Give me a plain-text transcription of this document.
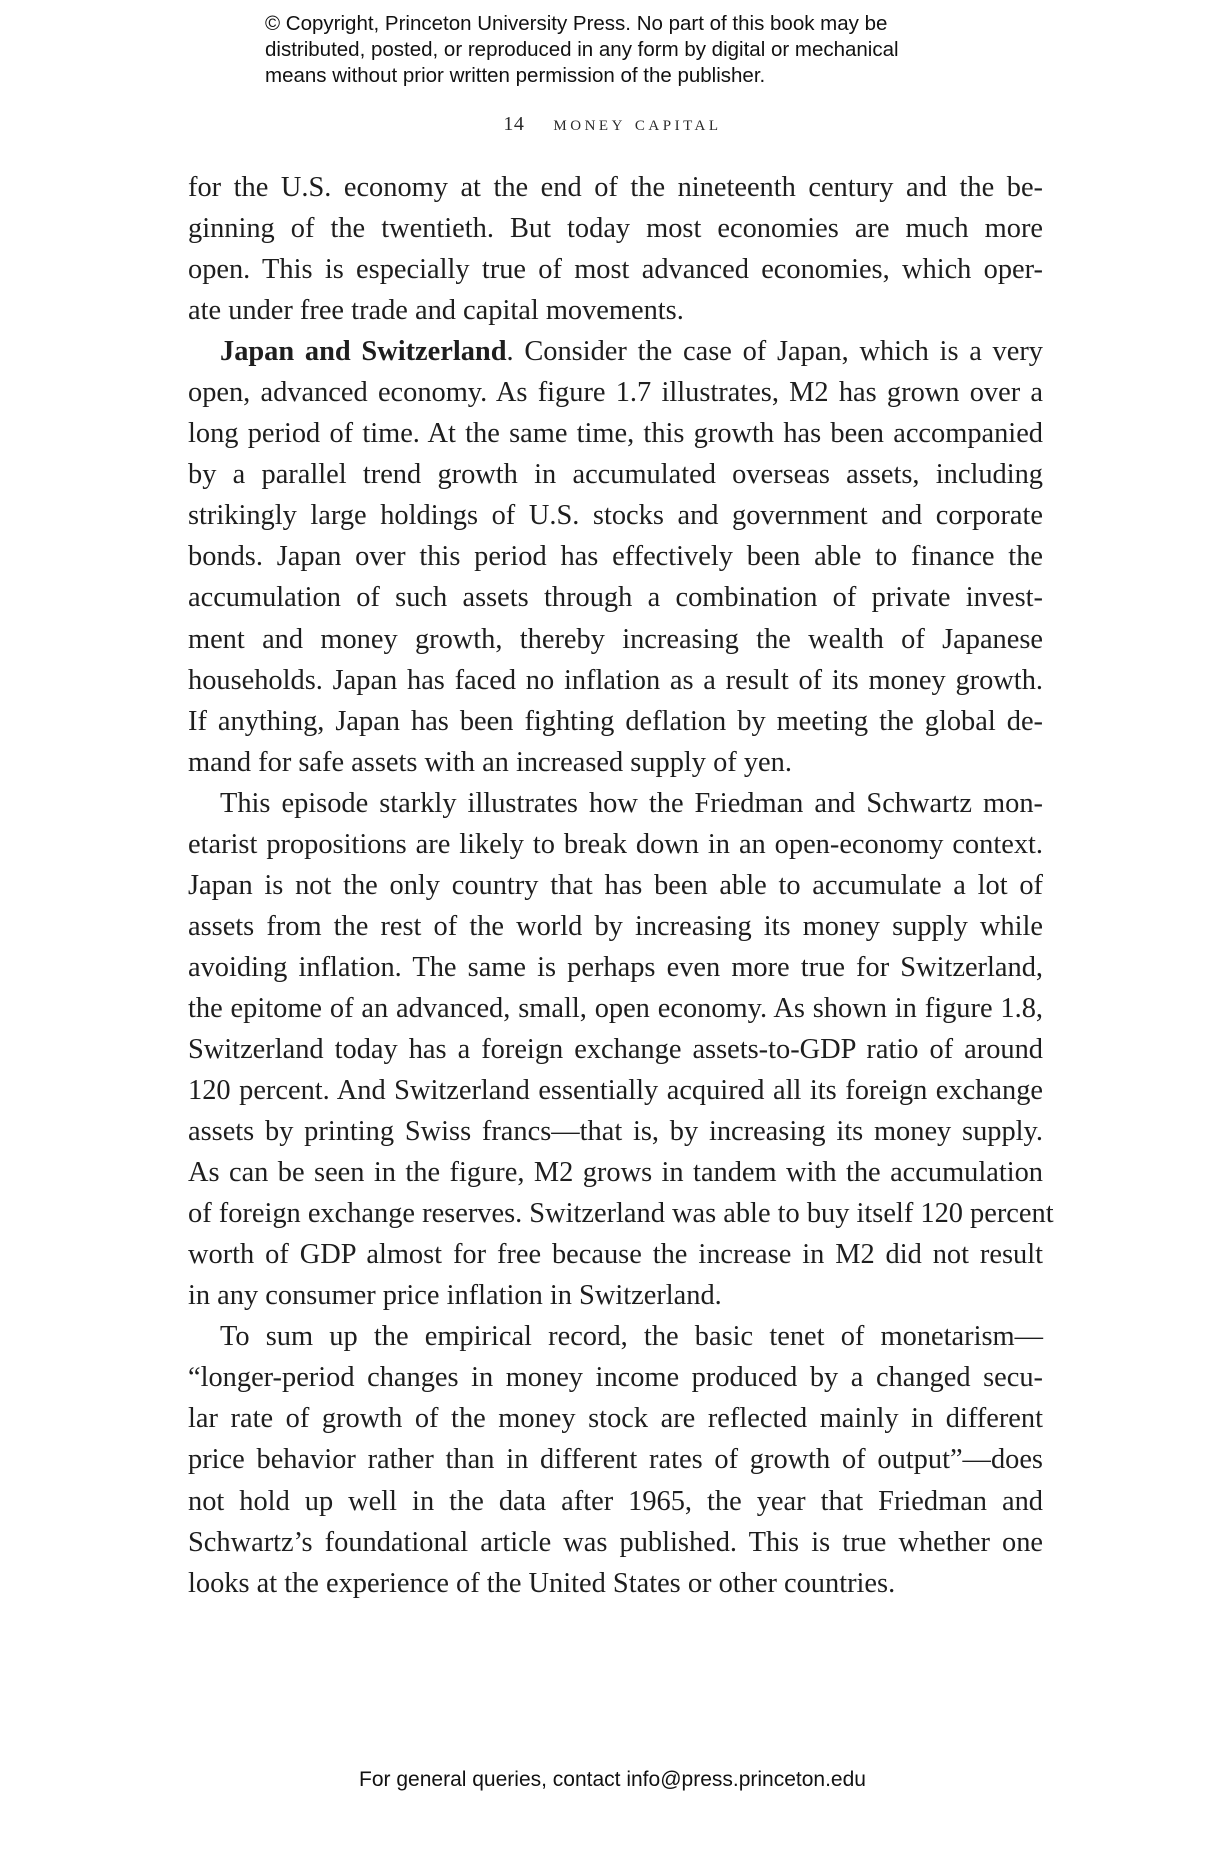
© Copyright, Princeton University Press. No part of this book may be
distributed, posted, or reproduced in any form by digital or mechanical
means without prior written permission of the publisher.
14 money capital
for the U.S. economy at the end of the nineteenth century and the be-
ginning of the twentieth. But today most economies are much more
open. This is especially true of most advanced economies, which oper-
ate under free trade and capital movements.
Japan and Switzerland. Consider the case of Japan, which is a very
open, advanced economy. As figure 1.7 illustrates, M2 has grown over a
long period of time. At the same time, this growth has been accompanied
by a parallel trend growth in accumulated overseas assets, including
strikingly large holdings of U.S. stocks and government and corporate
bonds. Japan over this period has effectively been able to finance the
accumulation of such assets through a combination of private invest-
ment and money growth, thereby increasing the wealth of Japanese
households. Japan has faced no inflation as a result of its money growth.
If anything, Japan has been fighting deflation by meeting the global de-
mand for safe assets with an increased supply of yen.
This episode starkly illustrates how the Friedman and Schwartz mon-
etarist propositions are likely to break down in an open-economy context.
Japan is not the only country that has been able to accumulate a lot of
assets from the rest of the world by increasing its money supply while
avoiding inflation. The same is perhaps even more true for Switzerland,
the epitome of an advanced, small, open economy. As shown in figure 1.8,
Switzerland today has a foreign exchange assets-to-GDP ratio of around
120 percent. And Switzerland essentially acquired all its foreign exchange
assets by printing Swiss francs—that is, by increasing its money supply.
As can be seen in the figure, M2 grows in tandem with the accumulation
of foreign exchange reserves. Switzerland was able to buy itself 120 percent
worth of GDP almost for free because the increase in M2 did not result
in any consumer price inflation in Switzerland.
To sum up the empirical record, the basic tenet of monetarism—
“longer-period changes in money income produced by a changed secu-
lar rate of growth of the money stock are reflected mainly in different
price behavior rather than in different rates of growth of output”—does
not hold up well in the data after 1965, the year that Friedman and
Schwartz’s foundational article was published. This is true whether one
looks at the experience of the United States or other countries.
For general queries, contact info@press.princeton.edu
